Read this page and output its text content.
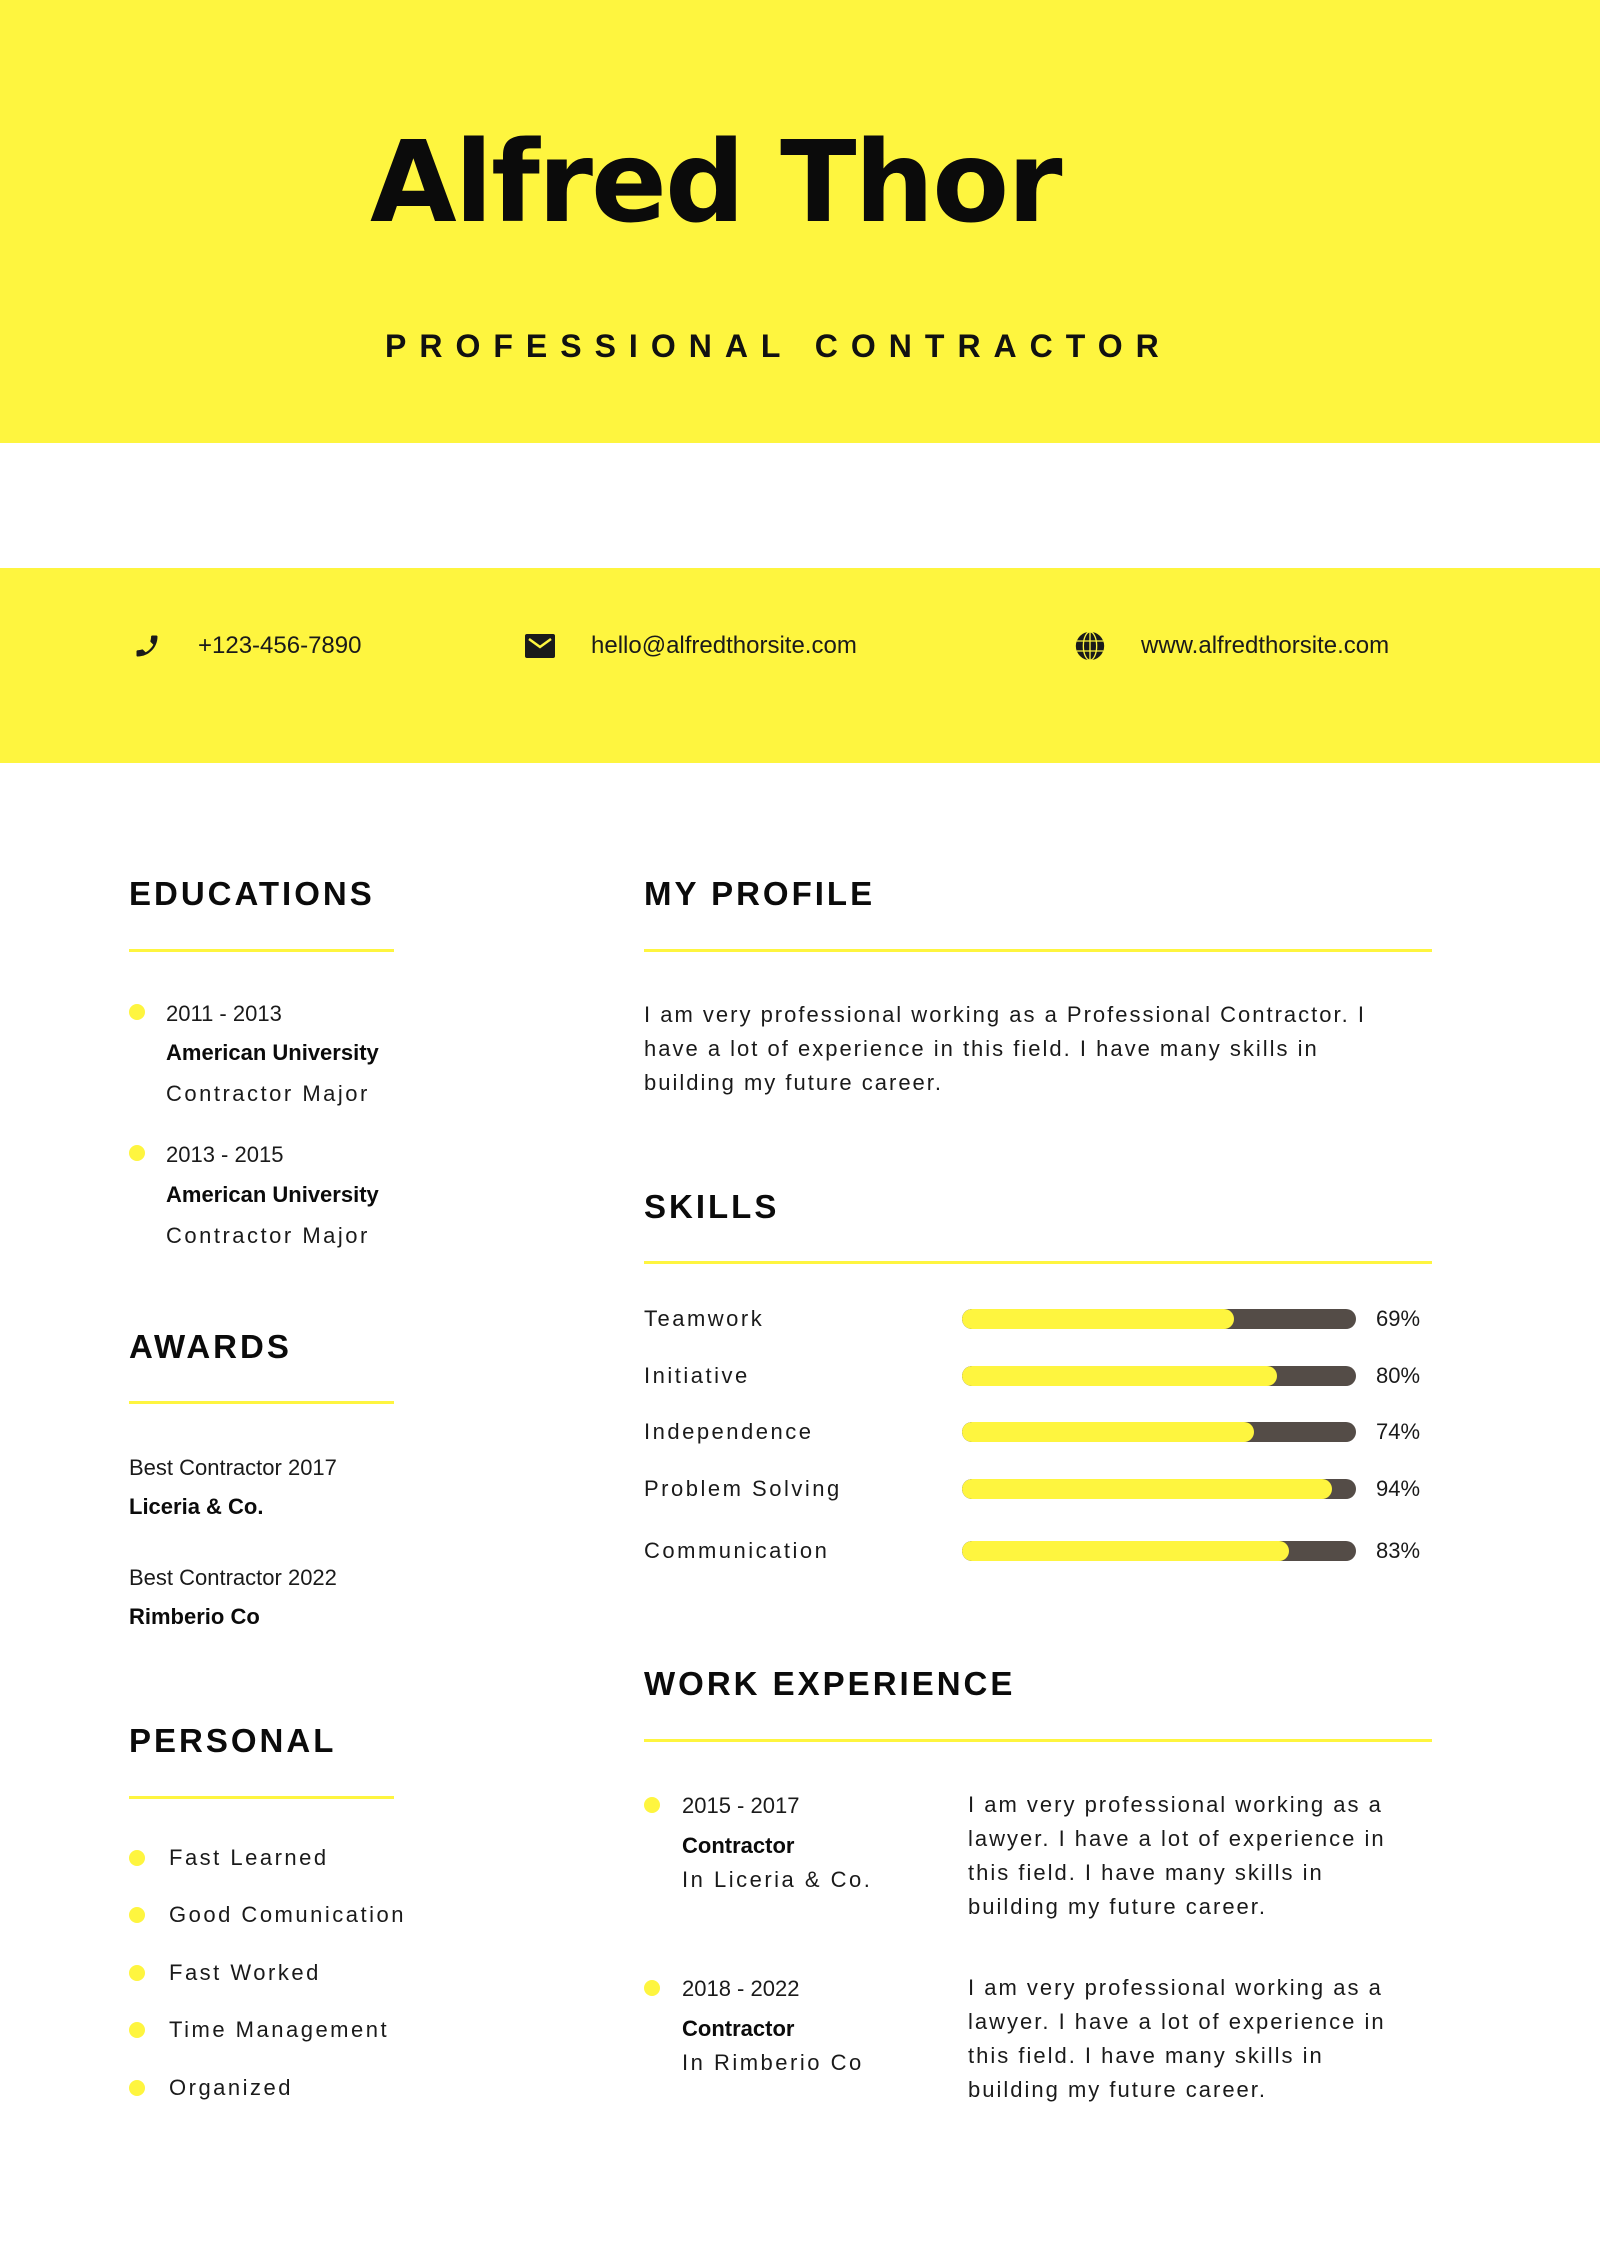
Alfred Thor
PROFESSIONAL CONTRACTOR
+123-456-7890	hello@alfredthorsite.com	www.alfredthorsite.com
EDUCATIONS
2011 - 2013
American University
Contractor Major
2013 - 2015
American University
Contractor Major
AWARDS
Best Contractor 2017
Liceria & Co.
Best Contractor 2022
Rimberio Co
PERSONAL
Fast Learned
Good Comunication
Fast Worked
Time Management
Organized
MY PROFILE
I am very professional working as a Professional Contractor. I
have a lot of experience in this field. I have many skills in
building my future career.
SKILLS
Teamwork	69%
Initiative	80%
Independence	74%
Problem Solving	94%
Communication	83%
WORK EXPERIENCE
2015 - 2017
Contractor
In Liceria & Co.
I am very professional working as a
lawyer. I have a lot of experience in
this field. I have many skills in
building my future career.
2018 - 2022
Contractor
In Rimberio Co
I am very professional working as a
lawyer. I have a lot of experience in
this field. I have many skills in
building my future career.
